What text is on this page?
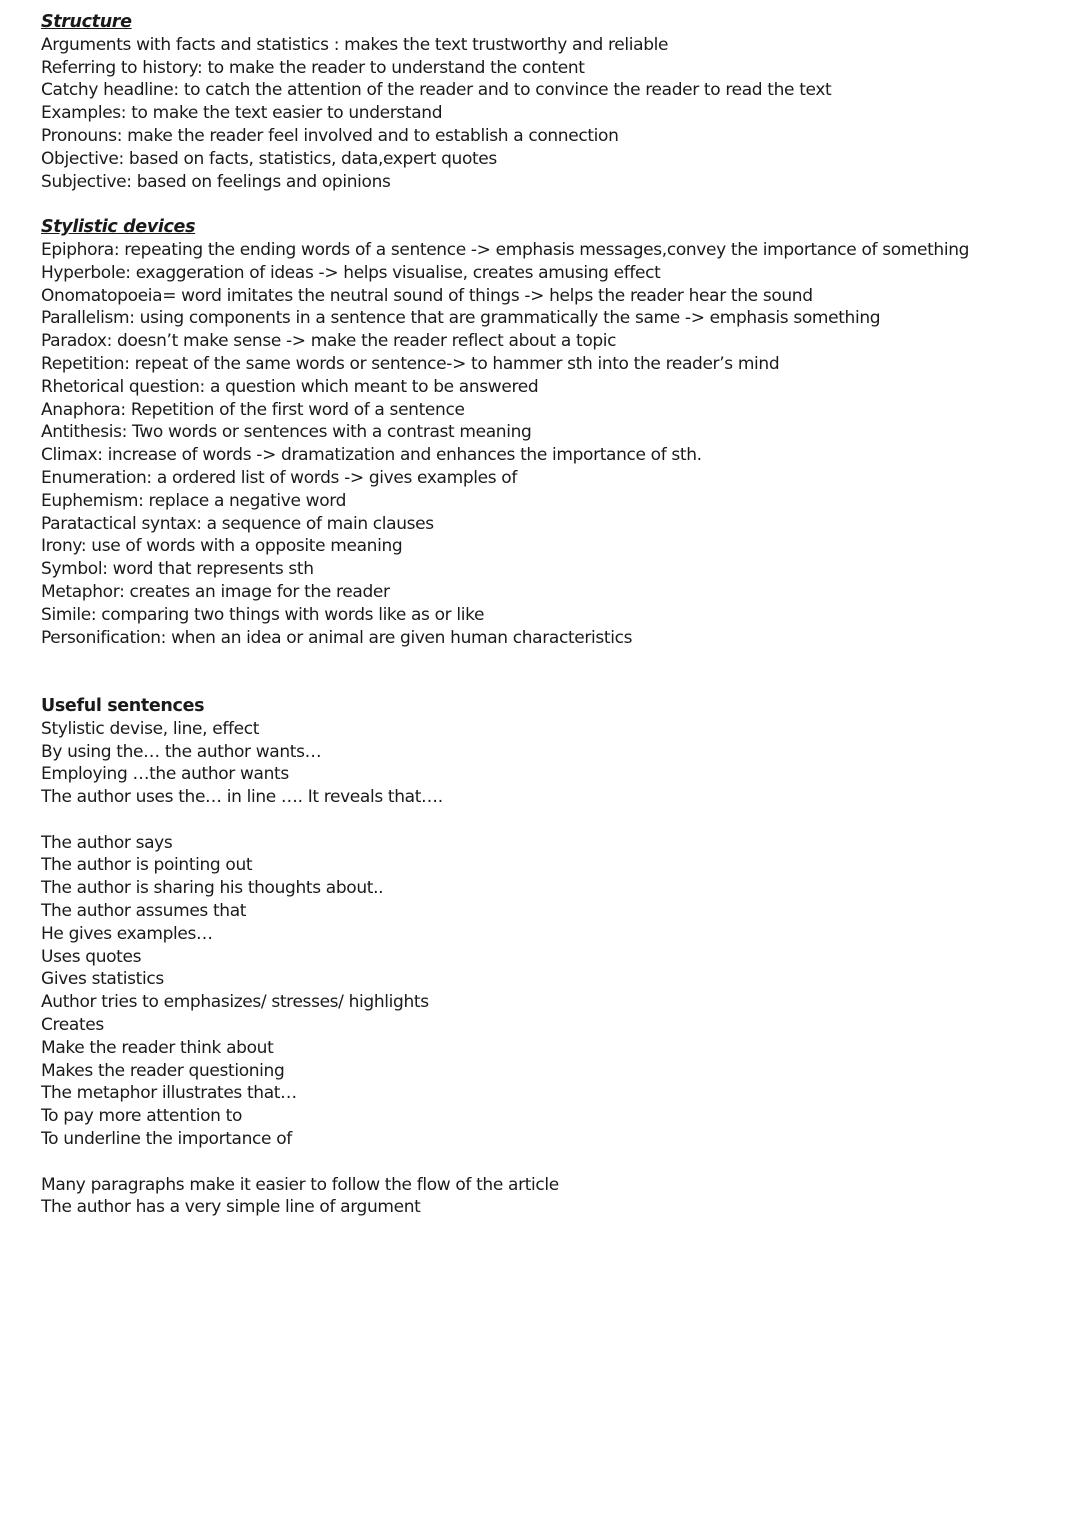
Structure
Arguments with facts and statistics : makes the text trustworthy and reliable
Referring to history: to make the reader to understand the content
Catchy headline: to catch the attention of the reader and to convince the reader to read the text
Examples: to make the text easier to understand
Pronouns: make the reader feel involved and to establish a connection
Objective: based on facts, statistics, data,expert quotes
Subjective: based on feelings and opinions
Stylistic devices
Epiphora: repeating the ending words of a sentence -> emphasis messages,convey the importance of something
Hyperbole: exaggeration of ideas -> helps visualise, creates amusing effect
Onomatopoeia= word imitates the neutral sound of things -> helps the reader hear the sound
Parallelism: using components in a sentence that are grammatically the same -> emphasis something
Paradox: doesn’t make sense -> make the reader reflect about a topic
Repetition: repeat of the same words or sentence-> to hammer sth into the reader’s mind
Rhetorical question: a question which meant to be answered
Anaphora: Repetition of the first word of a sentence
Antithesis: Two words or sentences with a contrast meaning
Climax: increase of words -> dramatization and enhances the importance of sth.
Enumeration: a ordered list of words -> gives examples of
Euphemism: replace a negative word
Paratactical syntax: a sequence of main clauses
Irony: use of words with a opposite meaning
Symbol: word that represents sth
Metaphor: creates an image for the reader
Simile: comparing two things with words like as or like
Personification: when an idea or animal are given human characteristics
Useful sentences
Stylistic devise, line, effect
By using the… the author wants…
Employing …the author wants
The author uses the… in line …. It reveals that….
The author says
The author is pointing out
The author is sharing his thoughts about..
The author assumes that
He gives examples…
Uses quotes
Gives statistics
Author tries to emphasizes/ stresses/ highlights
Creates
Make the reader think about
Makes the reader questioning
The metaphor illustrates that…
To pay more attention to
To underline the importance of
Many paragraphs make it easier to follow the flow of the article
The author has a very simple line of argument
